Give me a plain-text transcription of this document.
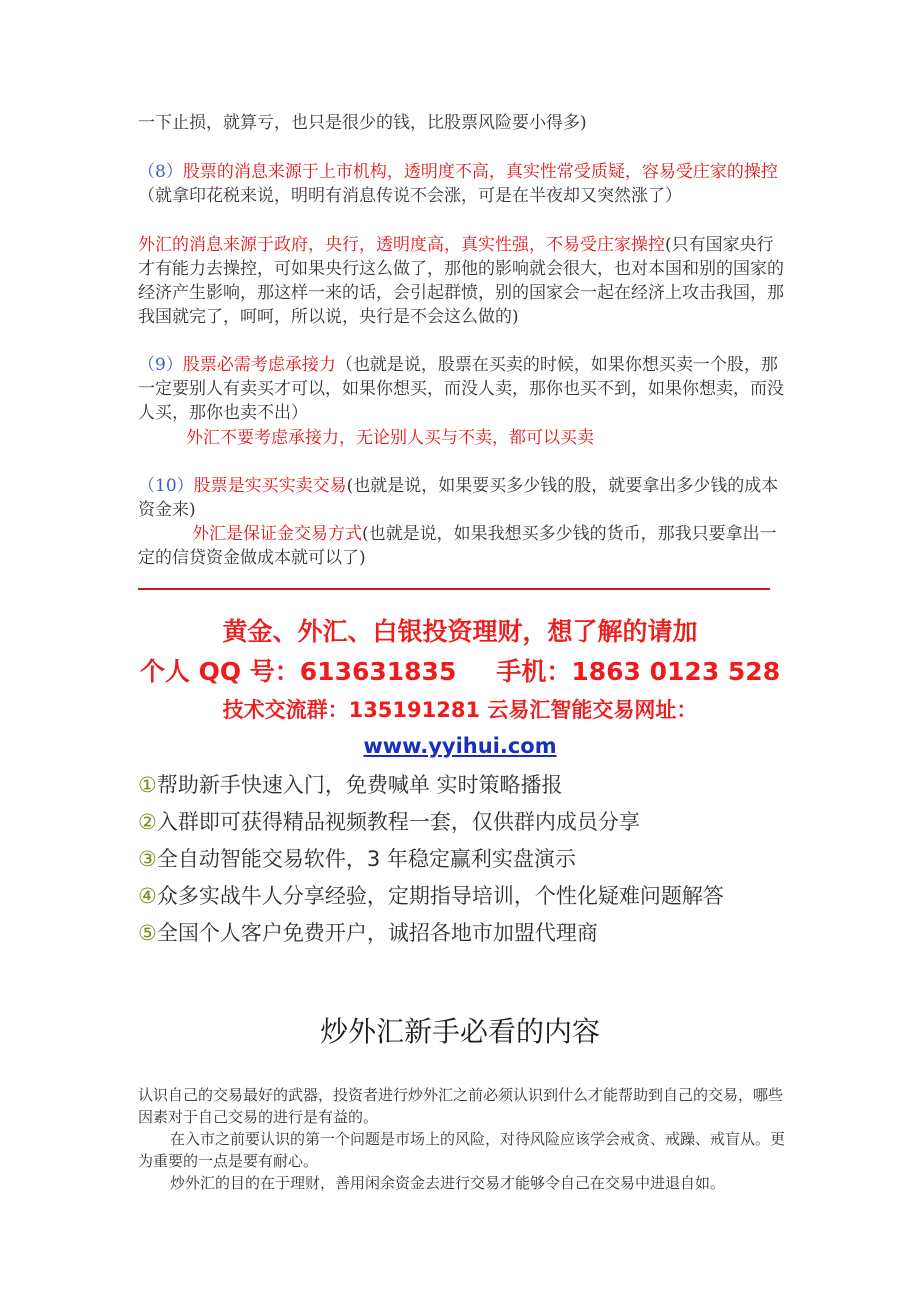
一下止损，就算亏，也只是很少的钱，比股票风险要小得多)
（8）股票的消息来源于上市机构，透明度不高，真实性常受质疑，容易受庄家的操控（就拿印花税来说，明明有消息传说不会涨，可是在半夜却又突然涨了）
外汇的消息来源于政府，央行，透明度高，真实性强，不易受庄家操控(只有国家央行才有能力去操控，可如果央行这么做了，那他的影响就会很大，也对本国和别的国家的经济产生影响，那这样一来的话，会引起群愤，别的国家会一起在经济上攻击我国，那我国就完了，呵呵，所以说，央行是不会这么做的)
（9）股票必需考虑承接力（也就是说，股票在买卖的时候，如果你想买卖一个股，那一定要别人有卖买才可以，如果你想买，而没人卖，那你也买不到，如果你想卖，而没人买，那你也卖不出）
外汇不要考虑承接力，无论别人买与不卖，都可以买卖
（10）股票是实买实卖交易(也就是说，如果要买多少钱的股，就要拿出多少钱的成本资金来)
外汇是保证金交易方式(也就是说，如果我想买多少钱的货币，那我只要拿出一定的信贷资金做成本就可以了)
黄金、外汇、白银投资理财，想了解的请加
个人 QQ 号：613631835 手机：1863 0123 528
技术交流群：135191281 云易汇智能交易网址：
www.yyihui.com
①帮助新手快速入门，免费喊单 实时策略播报
②入群即可获得精品视频教程一套，仅供群内成员分享
③全自动智能交易软件，3 年稳定赢利实盘演示
④众多实战牛人分享经验，定期指导培训，个性化疑难问题解答
⑤全国个人客户免费开户，诚招各地市加盟代理商
炒外汇新手必看的内容
认识自己的交易最好的武器，投资者进行炒外汇之前必须认识到什么才能帮助到自己的交易，哪些因素对于自己交易的进行是有益的。
在入市之前要认识的第一个问题是市场上的风险，对待风险应该学会戒贪、戒躁、戒盲从。更为重要的一点是要有耐心。
炒外汇的目的在于理财，善用闲余资金去进行交易才能够令自己在交易中进退自如。
